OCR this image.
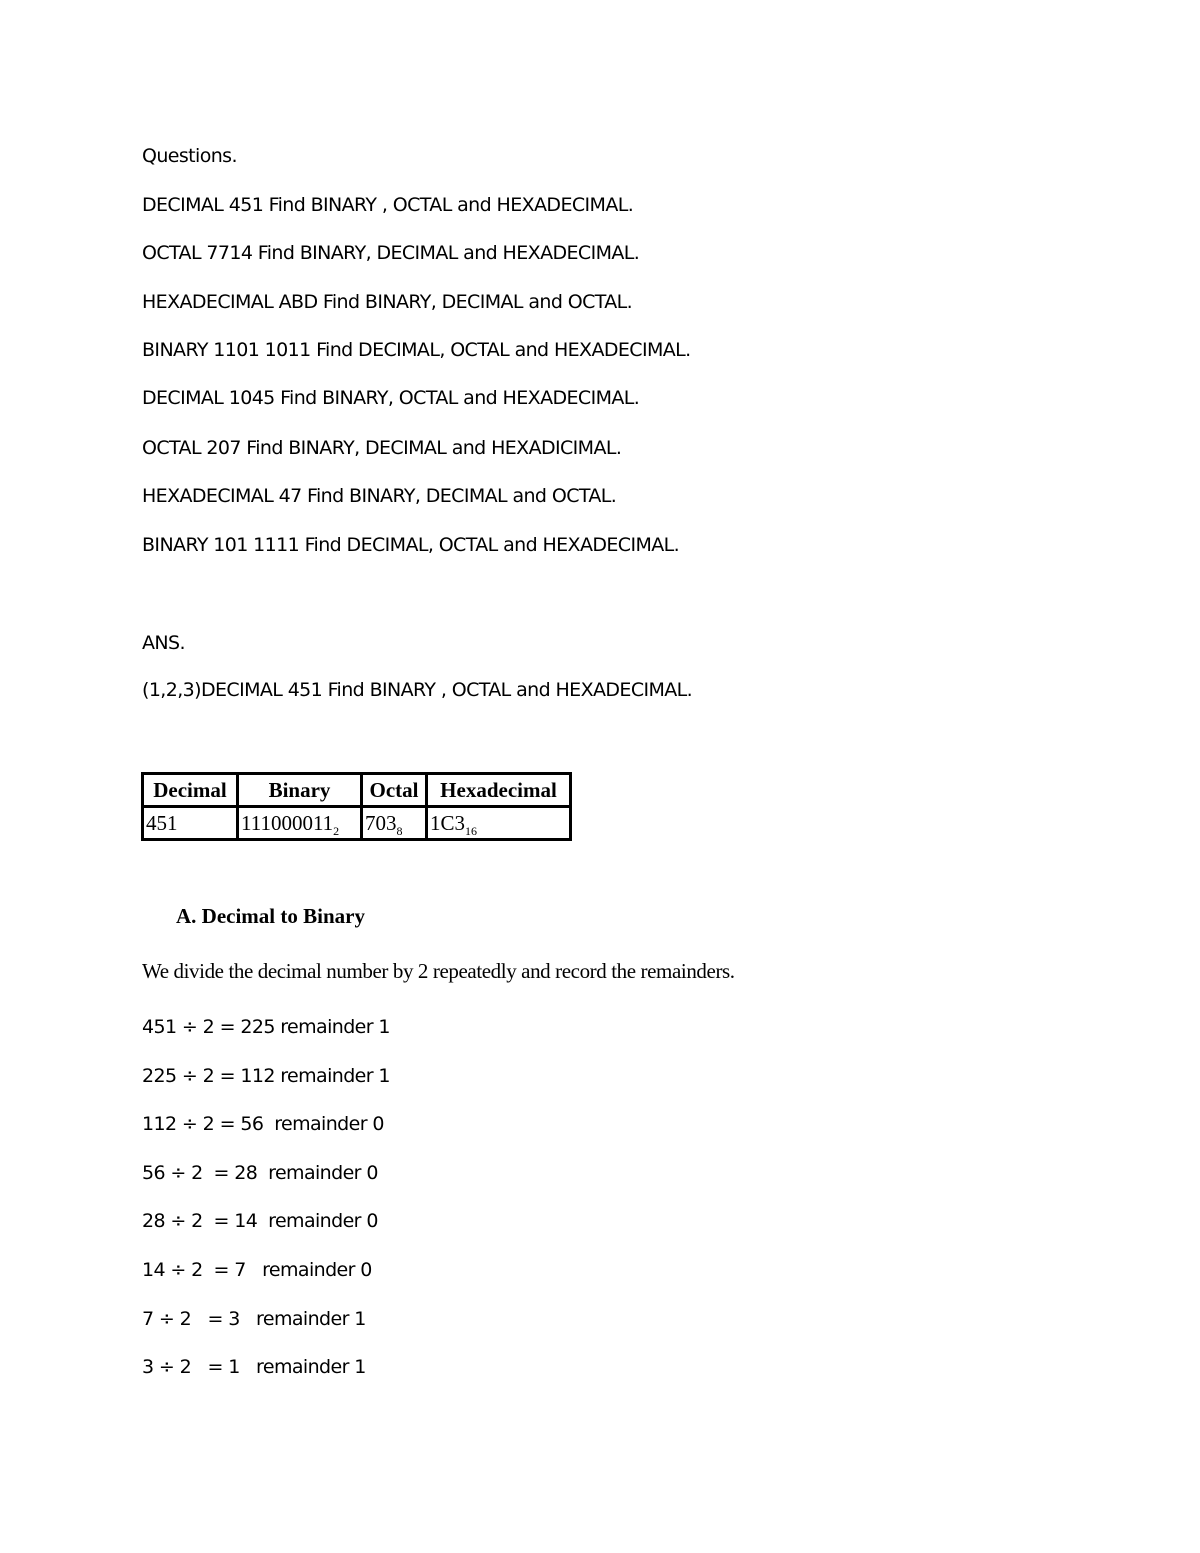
Questions.
DECIMAL 451 Find BINARY , OCTAL and HEXADECIMAL.
OCTAL 7714 Find BINARY, DECIMAL and HEXADECIMAL.
HEXADECIMAL ABD Find BINARY, DECIMAL and OCTAL.
BINARY 1101 1011 Find DECIMAL, OCTAL and HEXADECIMAL.
DECIMAL 1045 Find BINARY, OCTAL and HEXADECIMAL.
OCTAL 207 Find BINARY, DECIMAL and HEXADICIMAL.
HEXADECIMAL 47 Find BINARY, DECIMAL and OCTAL.
BINARY 101 1111 Find DECIMAL, OCTAL and HEXADECIMAL.
ANS.
(1,2,3)DECIMAL 451 Find BINARY , OCTAL and HEXADECIMAL.
Decimal	Binary	Octal	Hexadecimal
451	$111000011_2$	$703_8$	$1C3_{16}$
A. Decimal to Binary
We divide the decimal number by 2 repeatedly and record the remainders.
451 ÷ 2 = 225 remainder 1
225 ÷ 2 = 112 remainder 1
112 ÷ 2 = 56  remainder 0
56 ÷ 2  = 28  remainder 0
28 ÷ 2  = 14  remainder 0
14 ÷ 2  = 7   remainder 0
7 ÷ 2   = 3   remainder 1
3 ÷ 2   = 1   remainder 1
